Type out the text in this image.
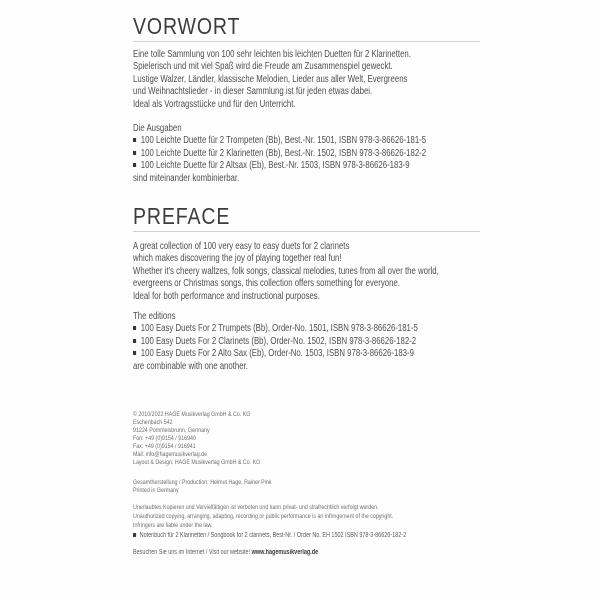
VORWORT
Eine tolle Sammlung von 100 sehr leichten bis leichten Duetten für 2 Klarinetten.
Spielerisch und mit viel Spaß wird die Freude am Zusammenspiel geweckt.
Lustige Walzer, Ländler, klassische Melodien, Lieder aus aller Welt, Evergreens
und Weihnachtslieder - in dieser Sammlung ist für jeden etwas dabei.
Ideal als Vortragsstücke und für den Unterricht.
Die Ausgaben
100 Leichte Duette für 2 Trompeten (Bb), Best.-Nr. 1501, ISBN 978-3-86626-181-5
100 Leichte Duette für 2 Klarinetten (Bb), Best.-Nr. 1502, ISBN 978-3-86626-182-2
100 Leichte Duette für 2 Altsax (Eb), Best.-Nr. 1503, ISBN 978-3-86626-183-9
sind miteinander kombinierbar.
PREFACE
A great collection of 100 very easy to easy duets for 2 clarinets
which makes discovering the joy of playing together real fun!
Whether it's cheery waltzes, folk songs, classical melodies, tunes from all over the world,
evergreens or Christmas songs, this collection offers something for everyone.
Ideal for both performance and instructional purposes.
The editions
100 Easy Duets For 2 Trumpets (Bb), Order-No. 1501, ISBN 978-3-86626-181-5
100 Easy Duets For 2 Clarinets (Bb), Order-No. 1502, ISBN 978-3-86626-182-2
100 Easy Duets For 2 Alto Sax (Eb), Order-No. 1503, ISBN 978-3-86626-183-9
are combinable with one another.
© 2010/2022 HAGE Musikverlag GmbH & Co. KG
Eschenbach 542
91224 Pommelsbrunn, Germany
Fon: +49 (0)9154 / 916940
Fax: +49 (0)9154 / 916941
Mail: info@hagemusikverlag.de
Layout & Design: HAGE Musikverlag GmbH & Co. KG
Gesamtherstellung / Production: Helmut Hage, Rainer Pink
Printed in Germany
Unerlaubtes Kopieren und Vervielfältigen ist verboten und kann privat- und strafrechtlich verfolgt werden.
Unauthorized copying, arranging, adapting, recording or public performance is an infringement of the copyright.
Infringers are liable under the law.
Notenbuch für 2 Klarinetten / Songbook for 2 clarinets, Best-Nr. / Order No. EH 1502 ISBN 978-3-86626-182-2
Besuchen Sie uns im Internet / Visit our website! www.hagemusikverlag.de
